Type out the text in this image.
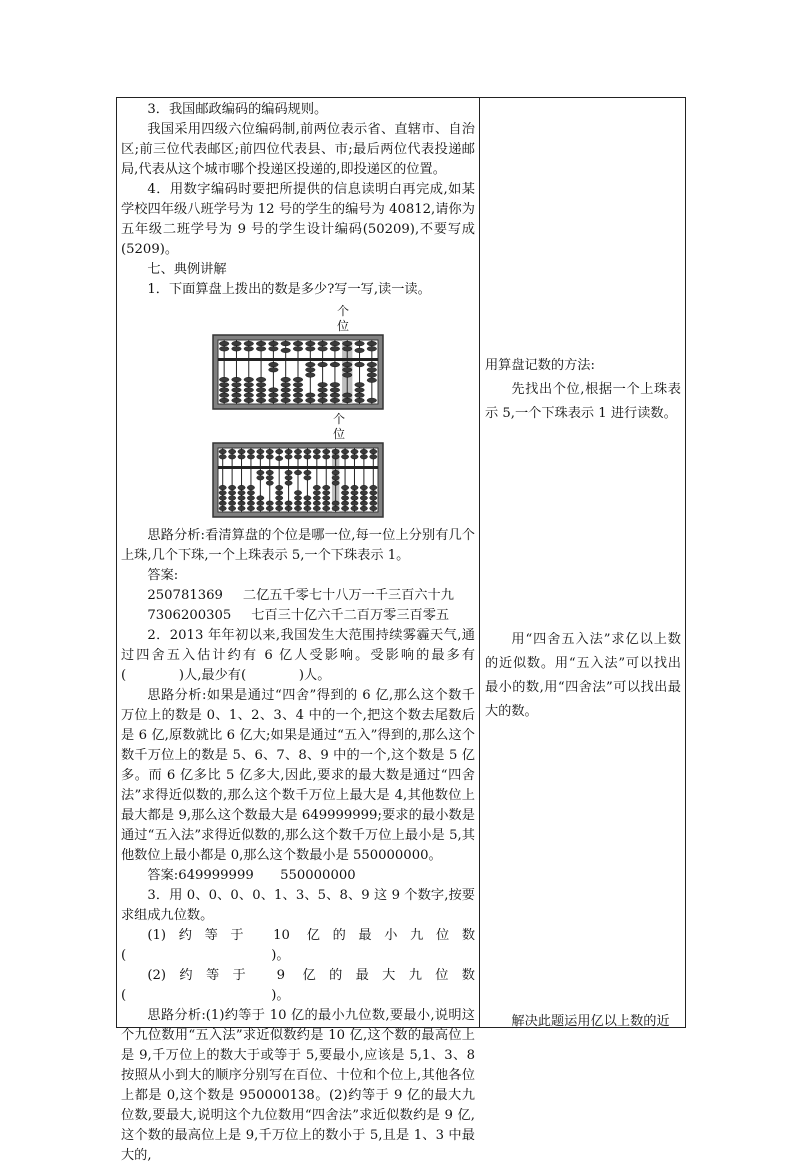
3．我国邮政编码的编码规则。

我国采用四级六位编码制,前两位表示省、直辖市、自治区;前三位代表邮区;前四位代表县、市;最后两位代表投递邮局,代表从这个城市哪个投递区投递的,即投递区的位置。

4．用数字编码时要把所提供的信息读明白再完成,如某学校四年级八班学号为 12 号的学生的编号为 40812,请你为五年级二班学号为 9 号的学生设计编码(50209),不要写成(5209)。

七、典例讲解

1．下面算盘上拨出的数是多少?写一写,读一读。

个
位
个
位

思路分析:看清算盘的个位是哪一位,每一位上分别有几个上珠,几个下珠,一个上珠表示 5,一个下珠表示 1。

答案:

250781369 二亿五千零七十八万一千三百六十九

7306200305 七百三十亿六千二百万零三百零五

2．2013 年年初以来,我国发生大范围持续雾霾天气,通过四舍五入估计约有 6 亿人受影响。受影响的最多有(　　　　)人,最少有(　　　　)人。

思路分析:如果是通过“四舍”得到的 6 亿,那么这个数千万位上的数是 0、1、2、3、4 中的一个,把这个数去尾数后是 6 亿,原数就比 6 亿大;如果是通过“五入”得到的,那么这个数千万位上的数是 5、6、7、8、9 中的一个,这个数是 5 亿多。而 6 亿多比 5 亿多大,因此,要求的最大数是通过“四舍法”求得近似数的,那么这个数千万位上最大是 4,其他数位上最大都是 9,那么这个数最大是 649999999;要求的最小数是通过“五入法”求得近似数的,那么这个数千万位上最小是 5,其他数位上最小都是 0,那么这个数最小是 550000000。

答案:649999999　　550000000

3．用 0、0、0、0、1、3、5、8、9 这 9 个数字,按要求组成九位数。

(1)约等于 10 亿的最小九位数(　　　　　　　　　　　)。

(2)约等于 9 亿的最大九位数(　　　　　　　　　　　)。

思路分析:(1)约等于 10 亿的最小九位数,要最小,说明这个九位数用“五入法”求近似数约是 10 亿,这个数的最高位上是 9,千万位上的数大于或等于 5,要最小,应该是 5,1、3、8 按照从小到大的顺序分别写在百位、十位和个位上,其他各位上都是 0,这个数是 950000138。(2)约等于 9 亿的最大九位数,要最大,说明这个九位数用“四舍法”求近似数约是 9 亿,这个数的最高位上是 9,千万位上的数小于 5,且是 1、3 中最大的,

用算盘记数的方法:

先找出个位,根据一个上珠表示 5,一个下珠表示 1 进行读数。

用“四舍五入法”求亿以上数的近似数。用“五入法”可以找出最小的数,用“四舍法”可以找出最大的数。

解决此题运用亿以上数的近
